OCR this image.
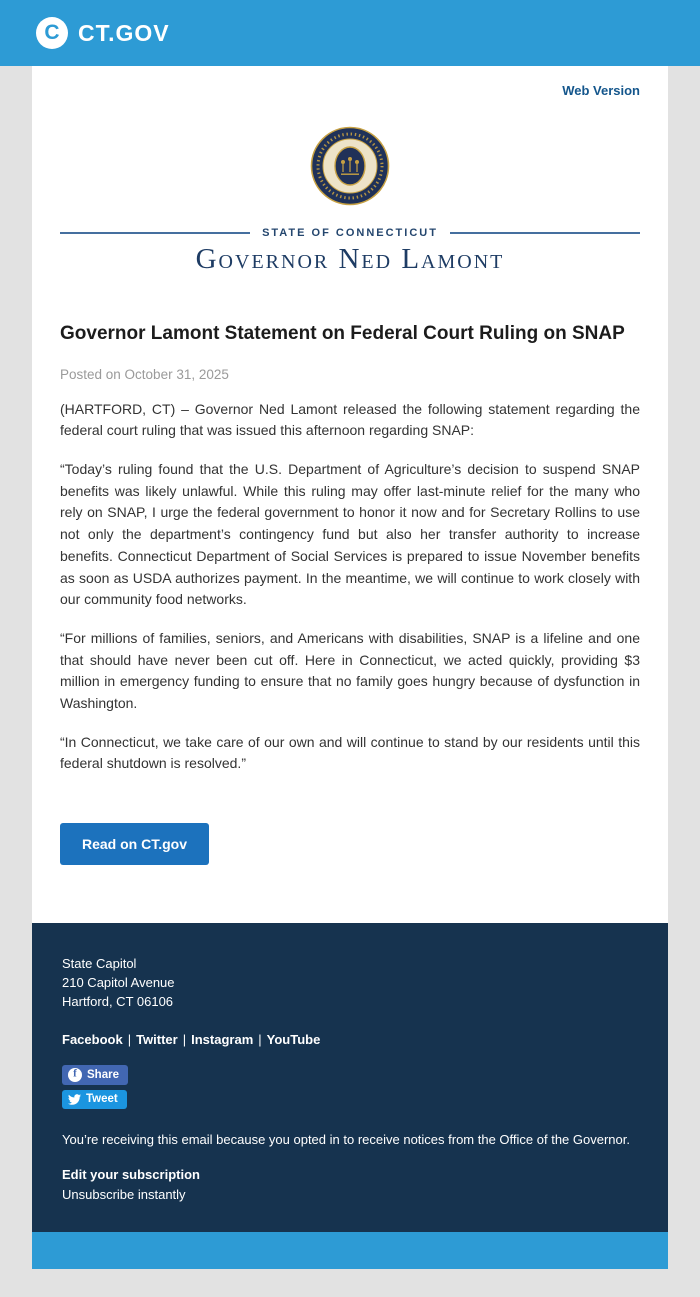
C CT.GOV
Web Version
STATE OF CONNECTICUT
Governor Ned Lamont
Governor Lamont Statement on Federal Court Ruling on SNAP
Posted on October 31, 2025

(HARTFORD, CT) – Governor Ned Lamont released the following statement regarding the federal court ruling that was issued this afternoon regarding SNAP:

“Today’s ruling found that the U.S. Department of Agriculture’s decision to suspend SNAP benefits was likely unlawful. While this ruling may offer last-minute relief for the many who rely on SNAP, I urge the federal government to honor it now and for Secretary Rollins to use not only the department’s contingency fund but also her transfer authority to increase benefits. Connecticut Department of Social Services is prepared to issue November benefits as soon as USDA authorizes payment. In the meantime, we will continue to work closely with our community food networks.

“For millions of families, seniors, and Americans with disabilities, SNAP is a lifeline and one that should have never been cut off. Here in Connecticut, we acted quickly, providing $3 million in emergency funding to ensure that no family goes hungry because of dysfunction in Washington.

“In Connecticut, we take care of our own and will continue to stand by our residents until this federal shutdown is resolved.”

Read on CT.gov
State Capitol
210 Capitol Avenue
Hartford, CT 06106
Facebook | Twitter | Instagram | YouTube
f Share
Tweet

You’re receiving this email because you opted in to receive notices from the Office of the Governor.

Edit your subscription
Unsubscribe instantly
